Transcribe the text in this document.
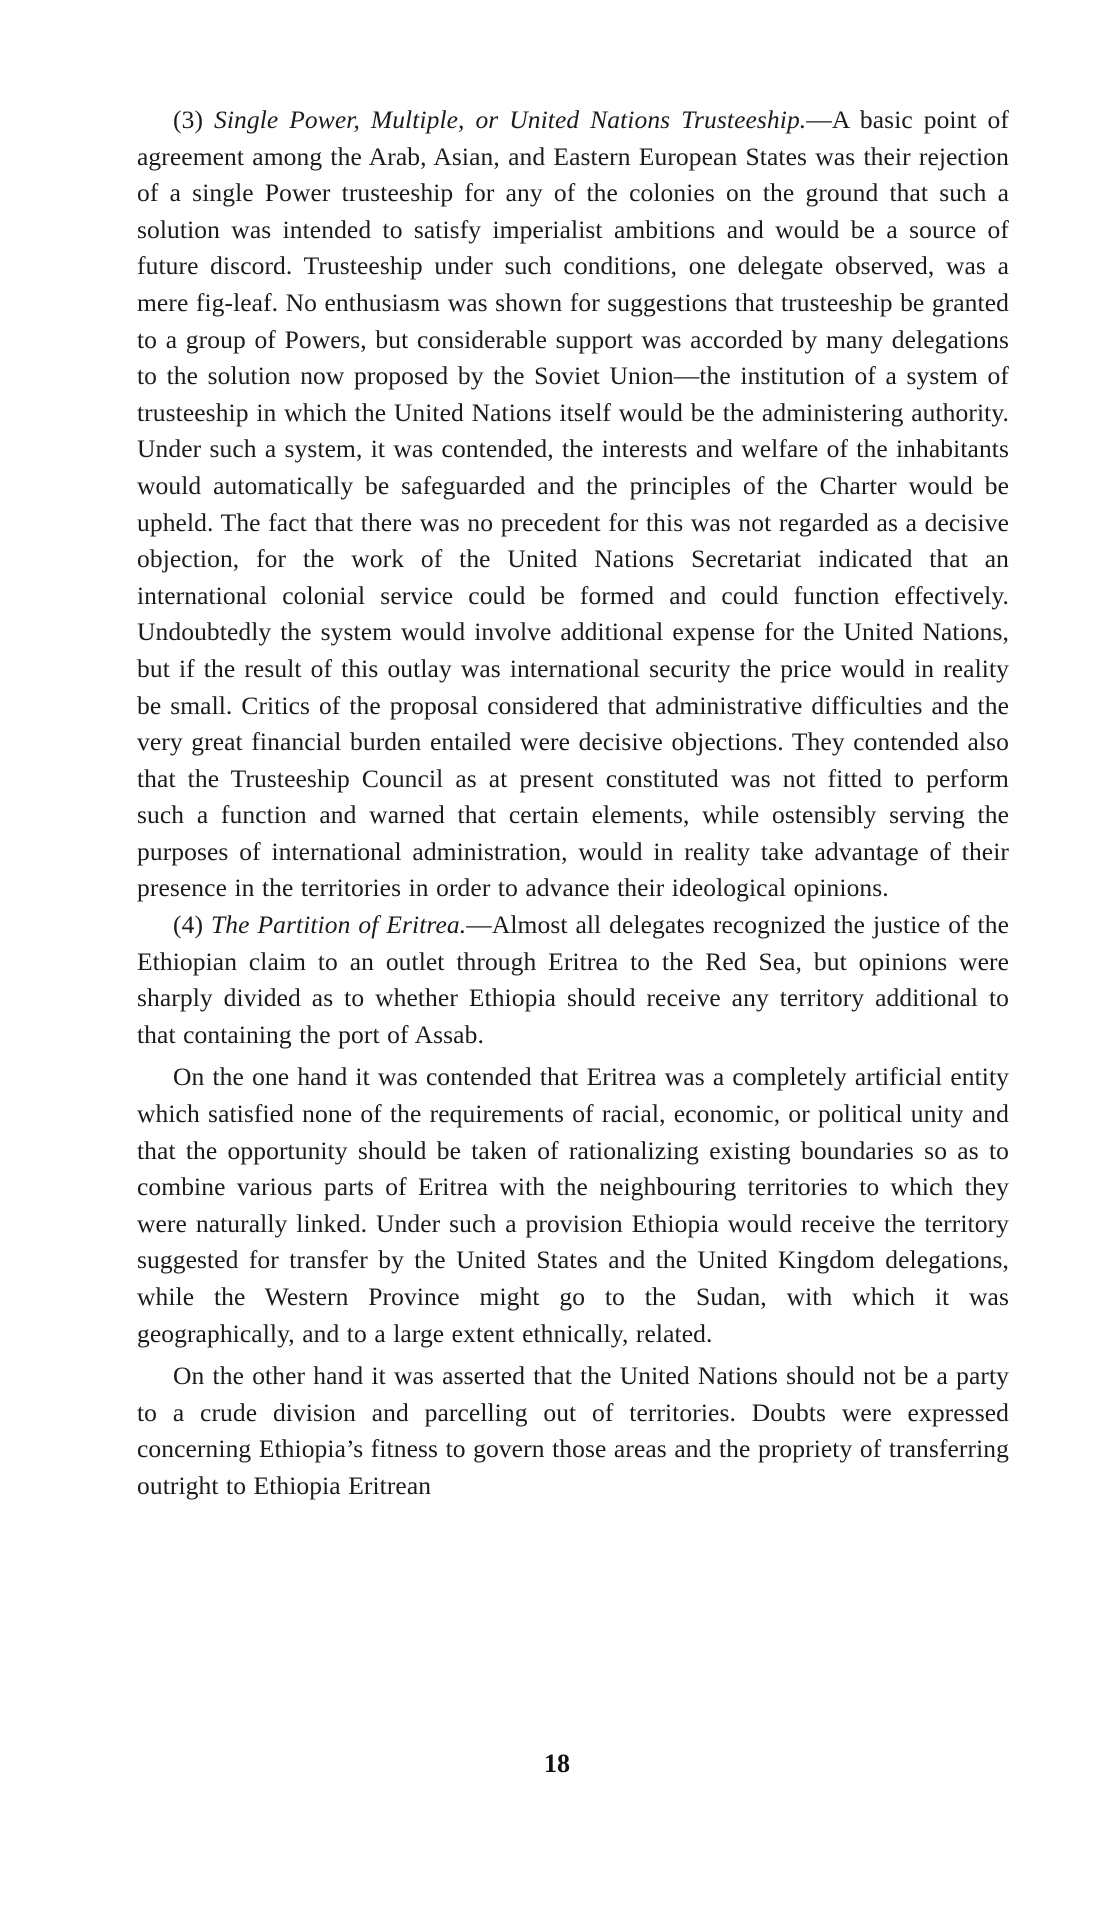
(3) Single Power, Multiple, or United Nations Trusteeship.—A basic point of agreement among the Arab, Asian, and Eastern European States was their rejection of a single Power trusteeship for any of the colonies on the ground that such a solution was intended to satisfy imperialist ambitions and would be a source of future discord. Trusteeship under such conditions, one delegate observed, was a mere fig-leaf. No enthusiasm was shown for suggestions that trusteeship be granted to a group of Powers, but considerable support was accorded by many delegations to the solution now proposed by the Soviet Union—the institution of a system of trusteeship in which the United Nations itself would be the administering authority. Under such a system, it was contended, the interests and welfare of the inhabitants would automatically be safeguarded and the principles of the Charter would be upheld. The fact that there was no precedent for this was not regarded as a decisive objection, for the work of the United Nations Secretariat indicated that an international colonial service could be formed and could function effectively. Undoubtedly the system would involve additional expense for the United Nations, but if the result of this outlay was international security the price would in reality be small. Critics of the proposal considered that administrative difficulties and the very great financial burden entailed were decisive objections. They contended also that the Trusteeship Council as at present constituted was not fitted to perform such a function and warned that certain elements, while ostensibly serving the purposes of international administration, would in reality take advantage of their presence in the territories in order to advance their ideological opinions.

(4) The Partition of Eritrea.—Almost all delegates recognized the justice of the Ethiopian claim to an outlet through Eritrea to the Red Sea, but opinions were sharply divided as to whether Ethiopia should receive any territory additional to that containing the port of Assab.

On the one hand it was contended that Eritrea was a completely artificial entity which satisfied none of the requirements of racial, economic, or political unity and that the opportunity should be taken of rationalizing existing boundaries so as to combine various parts of Eritrea with the neighbouring territories to which they were naturally linked. Under such a provision Ethiopia would receive the territory suggested for transfer by the United States and the United Kingdom delegations, while the Western Province might go to the Sudan, with which it was geographically, and to a large extent ethnically, related.

On the other hand it was asserted that the United Nations should not be a party to a crude division and parcelling out of territories. Doubts were expressed concerning Ethiopia’s fitness to govern those areas and the propriety of transferring outright to Ethiopia Eritrean

18
